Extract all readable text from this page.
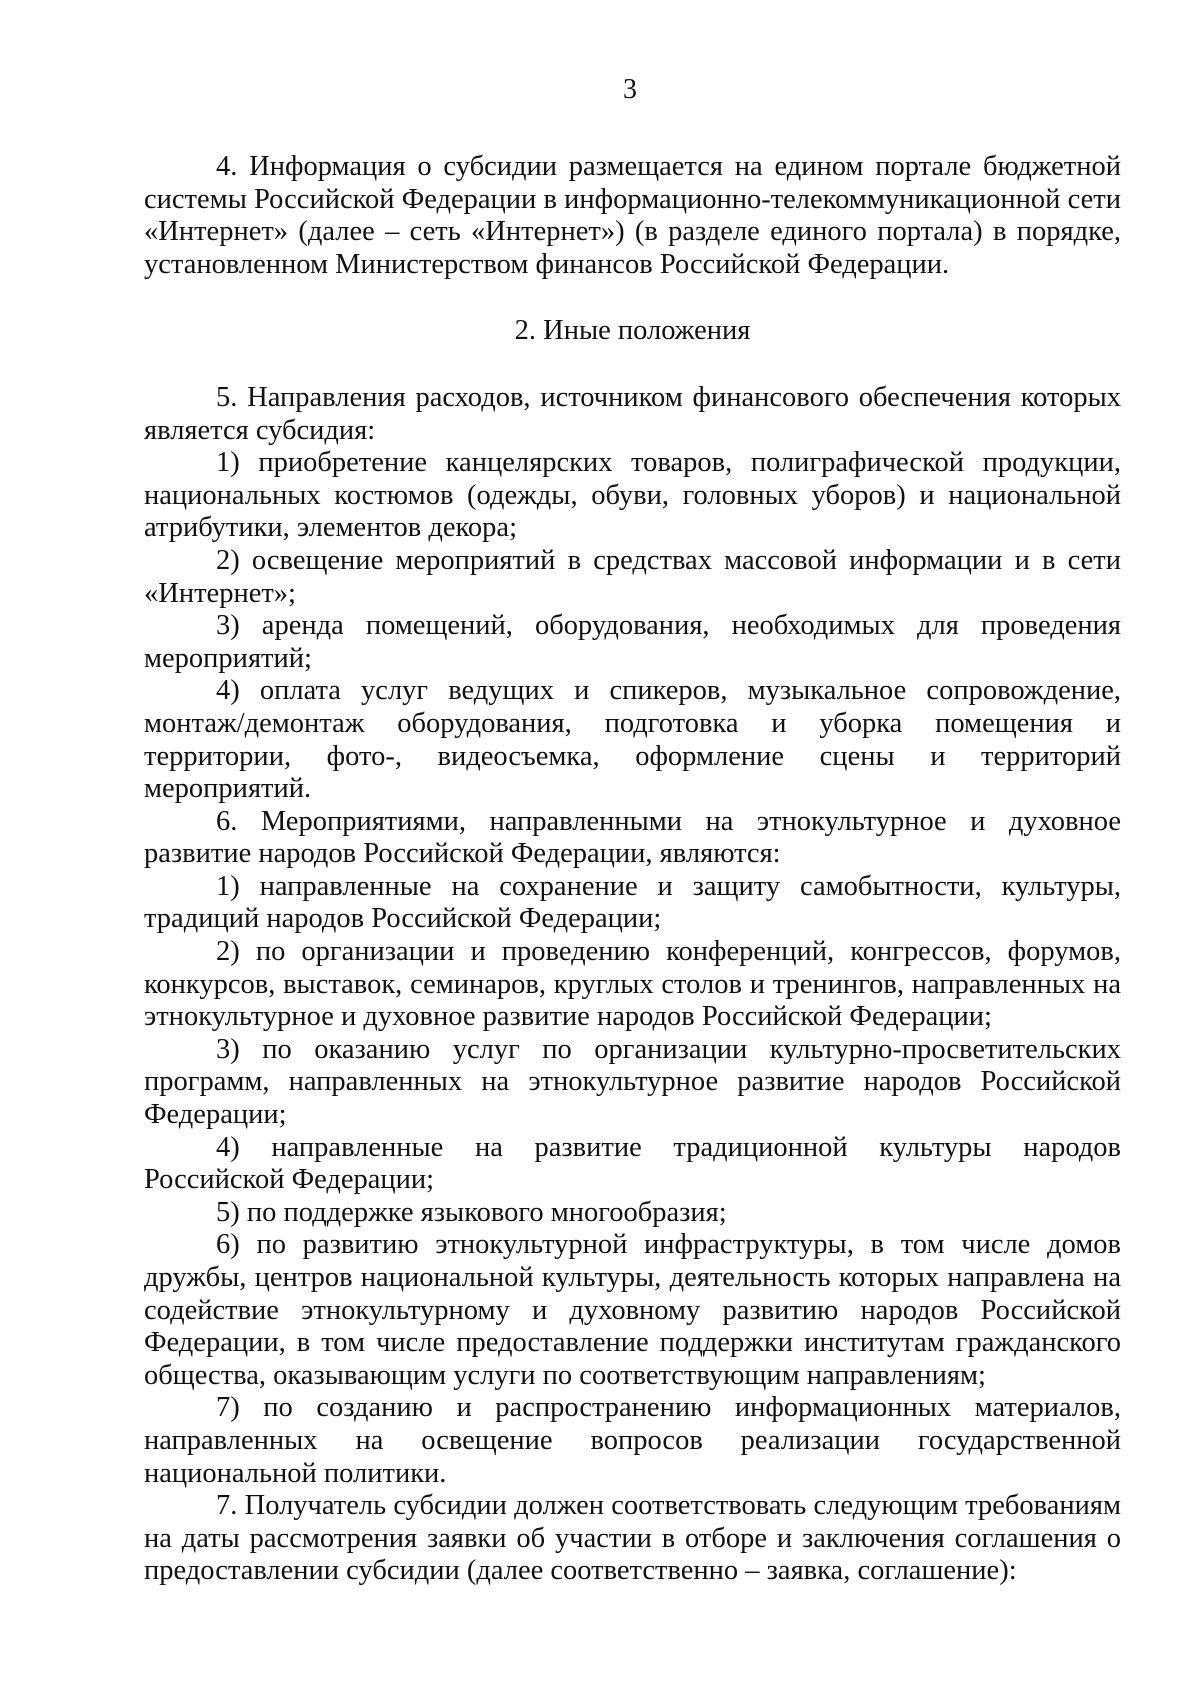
3

4. Информация о субсидии размещается на едином портале бюджетной системы Российской Федерации в информационно-телекоммуникационной сети «Интернет» (далее – сеть «Интернет») (в разделе единого портала) в порядке, установленном Министерством финансов Российской Федерации.

2. Иные положения

5. Направления расходов, источником финансового обеспечения которых является субсидия:

1) приобретение канцелярских товаров, полиграфической продукции, национальных костюмов (одежды, обуви, головных уборов) и национальной атрибутики, элементов декора;

2) освещение мероприятий в средствах массовой информации и в сети «Интернет»;

3) аренда помещений, оборудования, необходимых для проведения мероприятий;

4) оплата услуг ведущих и спикеров, музыкальное сопровождение, монтаж/демонтаж оборудования, подготовка и уборка помещения и территории, фото-, видеосъемка, оформление сцены и территорий мероприятий.

6. Мероприятиями, направленными на этнокультурное и духовное развитие народов Российской Федерации, являются:

1) направленные на сохранение и защиту самобытности, культуры, традиций народов Российской Федерации;

2) по организации и проведению конференций, конгрессов, форумов, конкурсов, выставок, семинаров, круглых столов и тренингов, направленных на этнокультурное и духовное развитие народов Российской Федерации;

3) по оказанию услуг по организации культурно-просветительских программ, направленных на этнокультурное развитие народов Российской Федерации;

4) направленные на развитие традиционной культуры народов Российской Федерации;

5) по поддержке языкового многообразия;

6) по развитию этнокультурной инфраструктуры, в том числе домов дружбы, центров национальной культуры, деятельность которых направлена на содействие этнокультурному и духовному развитию народов Российской Федерации, в том числе предоставление поддержки институтам гражданского общества, оказывающим услуги по соответствующим направлениям;

7) по созданию и распространению информационных материалов, направленных на освещение вопросов реализации государственной национальной политики.

7. Получатель субсидии должен соответствовать следующим требованиям на даты рассмотрения заявки об участии в отборе и заключения соглашения о предоставлении субсидии (далее соответственно – заявка, соглашение):
